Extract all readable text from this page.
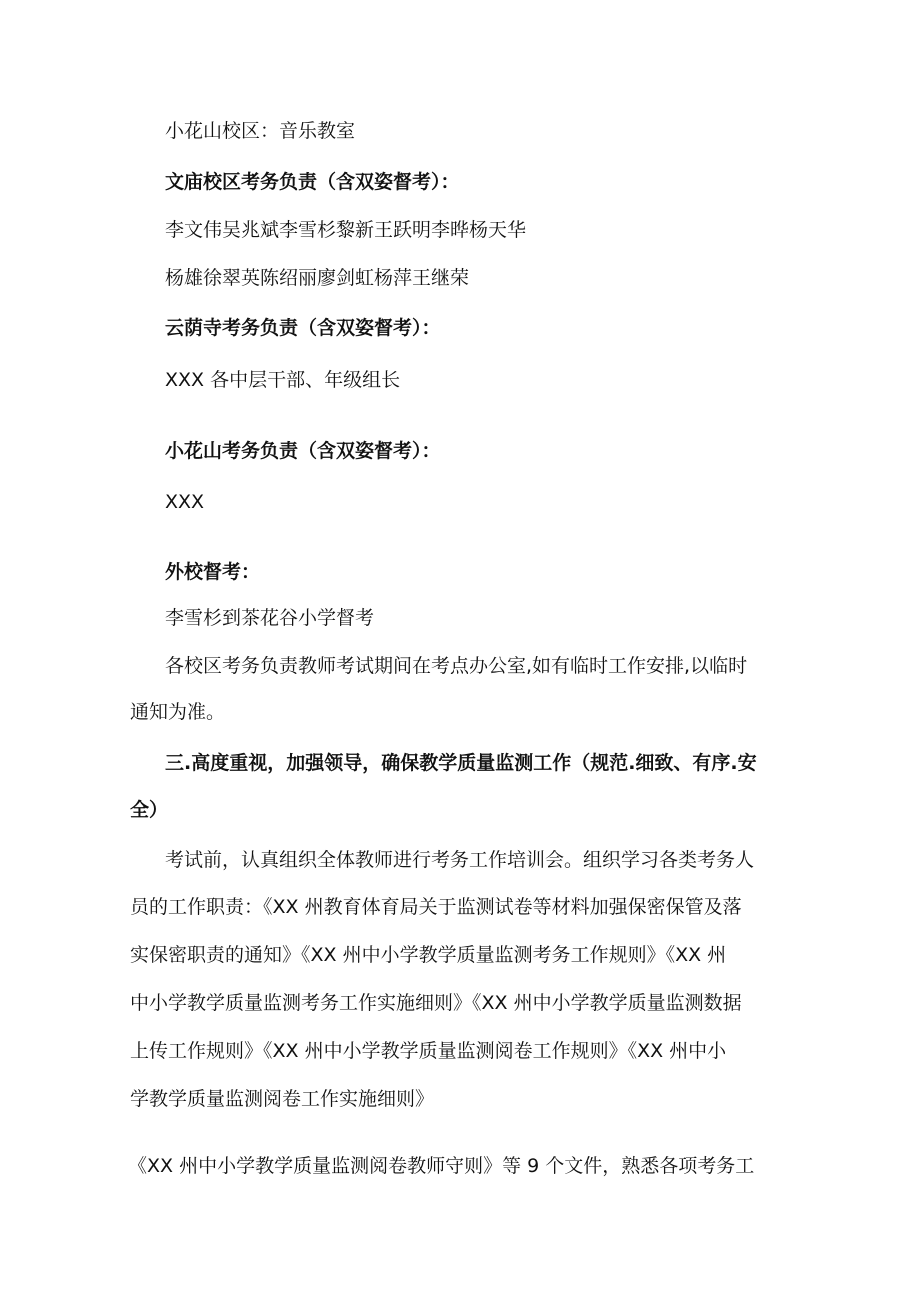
小花山校区：音乐教室

文庙校区考务负责（含双姿督考）：

李文伟吴兆斌李雪杉黎新王跃明李晔杨天华

杨雄徐翠英陈绍丽廖剑虹杨萍王继荣

云荫寺考务负责（含双姿督考）：

XXX 各中层干部、年级组长

小花山考务负责（含双姿督考）：

XXX

外校督考：

李雪杉到茶花谷小学督考

各校区考务负责教师考试期间在考点办公室,如有临时工作安排,以临时

通知为准。

三.高度重视，加强领导，确保教学质量监测工作（规范.细致、有序.安

全）

考试前，认真组织全体教师进行考务工作培训会。组织学习各类考务人

员的工作职责：《XX 州教育体育局关于监测试卷等材料加强保密保管及落

实保密职责的通知》《XX 州中小学教学质量监测考务工作规则》《XX 州

中小学教学质量监测考务工作实施细则》《XX 州中小学教学质量监测数据

上传工作规则》《XX 州中小学教学质量监测阅卷工作规则》《XX 州中小

学教学质量监测阅卷工作实施细则》

《XX 州中小学教学质量监测阅卷教师守则》等 9 个文件，熟悉各项考务工
